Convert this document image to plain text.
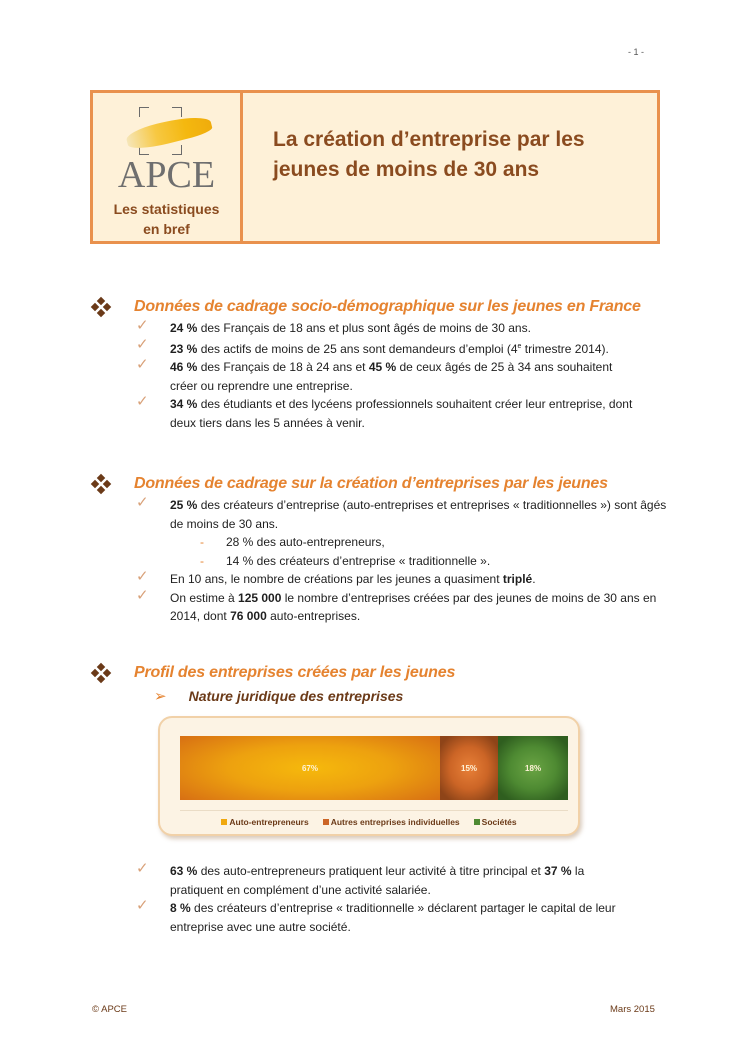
- 1 -
APCE
Les statistiques
en bref
La création d’entreprise par les
jeunes de moins de 30 ans
Données de cadrage socio-démographique sur les jeunes en France
✓ 24 % des Français de 18 ans et plus sont âgés de moins de 30 ans.
✓ 23 % des actifs de moins de 25 ans sont demandeurs d’emploi (4e trimestre 2014).
✓ 46 % des Français de 18 à 24 ans et 45 % de ceux âgés de 25 à 34 ans souhaitent créer ou reprendre une entreprise.
✓ 34 % des étudiants et des lycéens professionnels souhaitent créer leur entreprise, dont deux tiers dans les 5 années à venir.
Données de cadrage sur la création d’entreprises par les jeunes
✓ 25 % des créateurs d’entreprise (auto-entreprises et entreprises « traditionnelles ») sont âgés de moins de 30 ans.
- 28 % des auto-entrepreneurs,
- 14 % des créateurs d’entreprise « traditionnelle ».
✓ En 10 ans, le nombre de créations par les jeunes a quasiment triplé.
✓ On estime à 125 000 le nombre d’entreprises créées par des jeunes de moins de 30 ans en 2014, dont 76 000 auto-entreprises.
Profil des entreprises créées par les jeunes
➢ Nature juridique des entreprises
67%	15%	18%
Auto-entrepreneurs	Autres entreprises individuelles	Sociétés
✓ 63 % des auto-entrepreneurs pratiquent leur activité à titre principal et 37 % la pratiquent en complément d’une activité salariée.
✓ 8 % des créateurs d’entreprise « traditionnelle » déclarent partager le capital de leur entreprise avec une autre société.
© APCE	Mars 2015
